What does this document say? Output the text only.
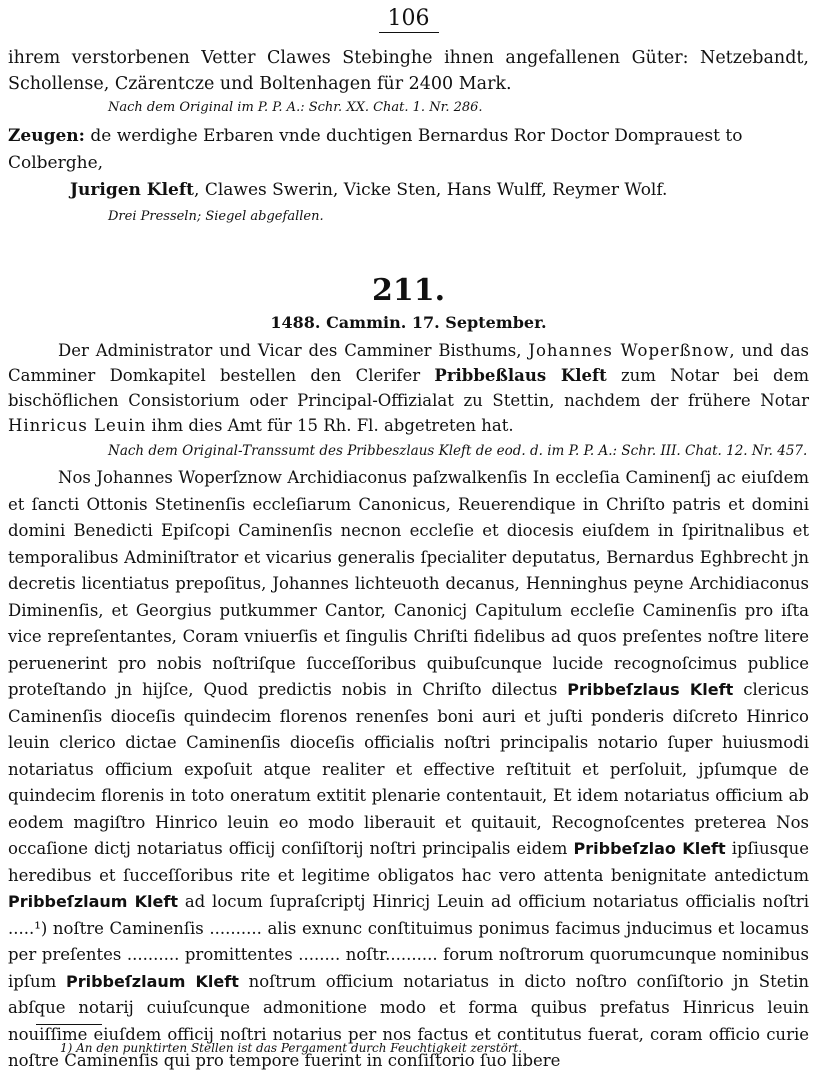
106
ihrem verstorbenen Vetter Clawes Stebinghe ihnen angefallenen Güter: Netzebandt, Schollense, Czärentcze und Boltenhagen für 2400 Mark.
Nach dem Original im P. P. A.: Schr. XX. Chat. 1. Nr. 286.
Zeugen: de werdighe Erbaren vnde duchtigen Bernardus Ror Doctor Domprauest to Colberghe,
Jurigen Kleft, Clawes Swerin, Vicke Sten, Hans Wulff, Reymer Wolf.
Drei Presseln; Siegel abgefallen.
211.
1488. Cammin. 17. September.
Der Administrator und Vicar des Camminer Bisthums, Johannes Woperßnow, und das Camminer Domkapitel bestellen den Clerifer Pribbeßlaus Kleft zum Notar bei dem bischöflichen Consistorium oder Principal-Offizialat zu Stettin, nachdem der frühere Notar Hinricus Leuin ihm dies Amt für 15 Rh. Fl. abgetreten hat.
Nach dem Original-Transsumt des Pribbeszlaus Kleft de eod. d. im P. P. A.: Schr. III. Chat. 12. Nr. 457.
Nos Johannes Woperſznow Archidiaconus paſzwalkenſis In eccleſia Caminenſj ac eiuſdem et ſancti Ottonis Stetinenſis eccleſiarum Canonicus, Reuerendique in Chriſto patris et domini domini Benedicti Epiſcopi Caminenſis necnon eccleſie et diocesis eiuſdem in ſpiritnalibus et temporalibus Adminiſtrator et vicarius generalis ſpecialiter deputatus, Bernardus Eghbrecht jn decretis licentiatus prepoſitus, Johannes lichteuoth decanus, Henninghus peyne Archidiaconus Diminenſis, et Georgius putkummer Cantor, Canonicj Capitulum eccleſie Caminenſis pro iſta vice repreſentantes, Coram vniuerſis et ſingulis Chriſti fidelibus ad quos preſentes noſtre litere peruenerint pro nobis noſtriſque ſucceſſoribus quibuſcunque lucide recognoſcimus publice proteſtando jn hijſce, Quod predictis nobis in Chriſto dilectus Pribbeſzlaus Kleft clericus Caminenſis dioceſis quindecim florenos renenſes boni auri et juſti ponderis diſcreto Hinrico leuin clerico dictae Caminenſis dioceſis officialis noſtri principalis notario ſuper huiusmodi notariatus officium expoſuit atque realiter et effective reſtituit et perſoluit, jpſumque de quindecim florenis in toto oneratum extitit plenarie contentauit, Et idem notariatus officium ab eodem magiſtro Hinrico leuin eo modo liberauit et quitauit, Recognoſcentes preterea Nos occaſione dictj notariatus officij conſiſtorij noſtri principalis eidem Pribbeſzlao Kleft ipſiusque heredibus et ſucceſſoribus rite et legitime obligatos hac vero attenta benignitate antedictum Pribbeſzlaum Kleft ad locum ſupraſcriptj Hinricj Leuin ad officium notariatus officialis noſtri .....¹) noſtre Caminenſis .......... alis exnunc conſtituimus ponimus facimus jnducimus et locamus per preſentes .......... promittentes ........ noſtr.......... forum noſtrorum quorumcunque nominibus ipſum Pribbeſzlaum Kleft noſtrum officium notariatus in dicto noſtro conſiſtorio jn Stetin abſque notarij cuiuſcunque admonitione modo et forma quibus prefatus Hinricus leuin nouiſſime eiuſdem officij noſtri notarius per nos factus et contitutus fuerat, coram officio curie noſtre Caminenſis qui pro tempore fuerint in conſiſtorio ſuo libere
1) An den punktirten Stellen ist das Pergament durch Feuchtigkeit zerstört.
